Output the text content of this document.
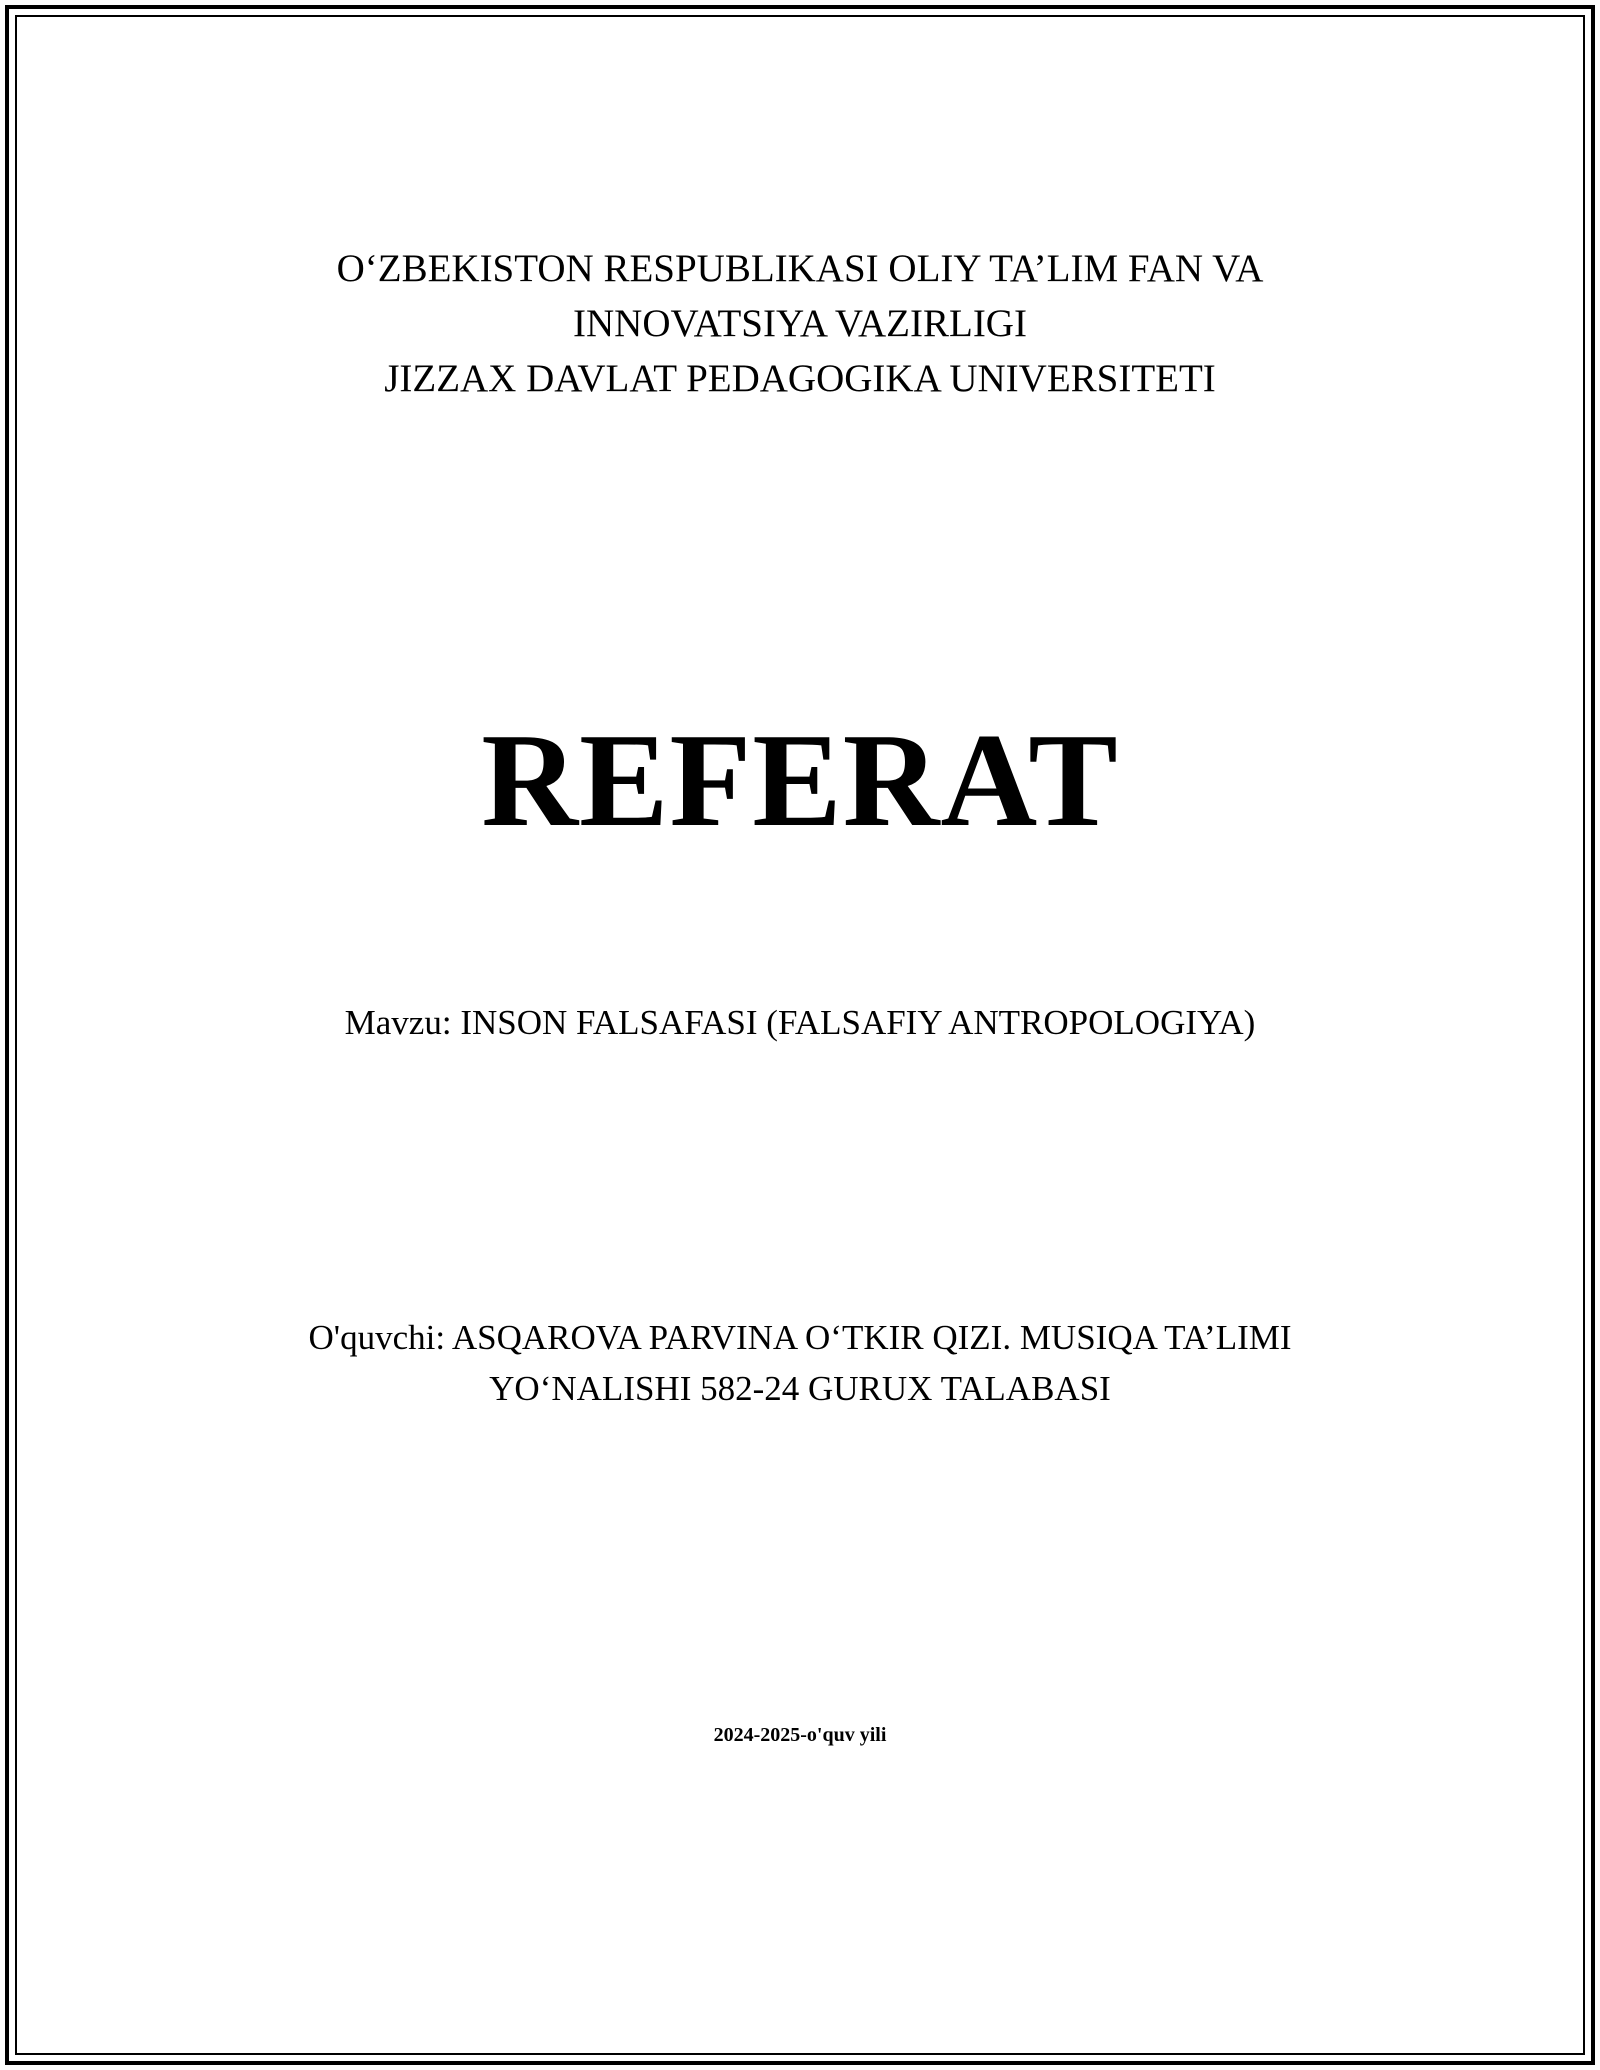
O‘ZBEKISTON RESPUBLIKASI OLIY TA’LIM FAN VA
INNOVATSIYA VAZIRLIGI
JIZZAX DAVLAT PEDAGOGIKA UNIVERSITETI
REFERAT
Mavzu: INSON FALSAFASI (FALSAFIY ANTROPOLOGIYA)
O'quvchi: ASQAROVA PARVINA O‘TKIR QIZI. MUSIQA TA’LIMI
YO‘NALISHI 582-24 GURUX TALABASI
2024-2025-o'quv yili
